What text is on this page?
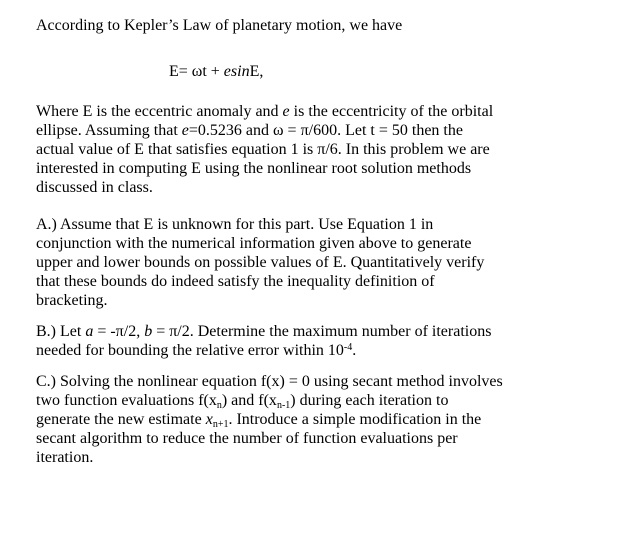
According to Kepler’s Law of planetary motion, we have

E= ωt + esinE,

Where E is the eccentric anomaly and e is the eccentricity of the orbital
ellipse. Assuming that e=0.5236 and ω = π/600. Let t = 50 then the
actual value of E that satisfies equation 1 is π/6. In this problem we are
interested in computing E using the nonlinear root solution methods
discussed in class.

A.) Assume that E is unknown for this part. Use Equation 1 in
conjunction with the numerical information given above to generate
upper and lower bounds on possible values of E. Quantitatively verify
that these bounds do indeed satisfy the inequality definition of
bracketing.

B.) Let a = -π/2, b = π/2. Determine the maximum number of iterations
needed for bounding the relative error within $10^{-4}$.

C.) Solving the nonlinear equation f(x) = 0 using secant method involves
two function evaluations $f(x_n)$ and $f(x_{n-1})$ during each iteration to
generate the new estimate $x_{n+1}$. Introduce a simple modification in the
secant algorithm to reduce the number of function evaluations per
iteration.
